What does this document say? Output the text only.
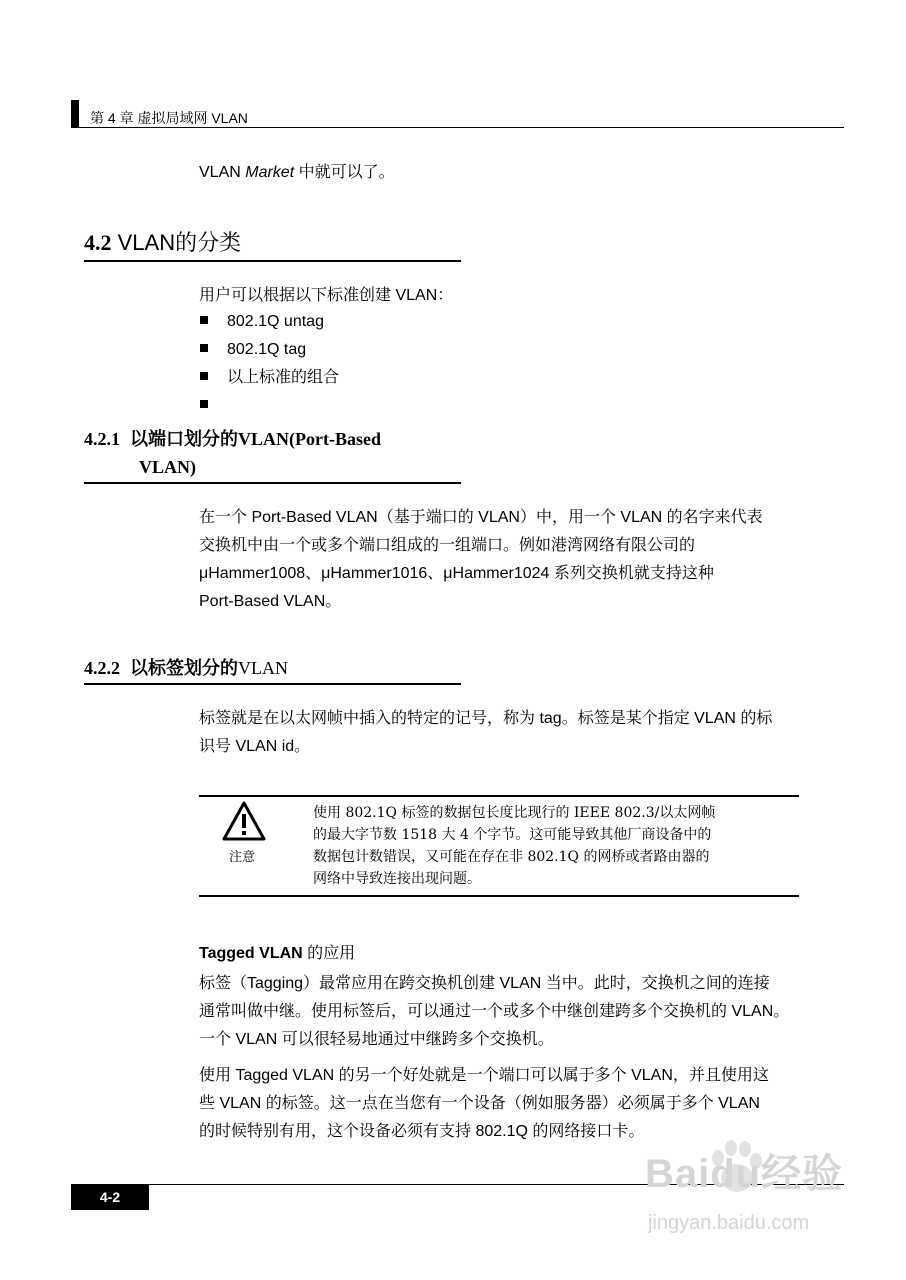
第 4 章 虚拟局域网 VLAN
VLAN Market 中就可以了。
4.2 VLAN的分类
用户可以根据以下标准创建 VLAN：
802.1Q untag
802.1Q tag
以上标准的组合
4.2.1 以端口划分的VLAN(Port-Based
VLAN)
在一个 Port-Based VLAN（基于端口的 VLAN）中，用一个 VLAN 的名字来代表
交换机中由一个或多个端口组成的一组端口。例如港湾网络有限公司的
μHammer1008、μHammer1016、μHammer1024 系列交换机就支持这种
Port-Based VLAN。
4.2.2 以标签划分的VLAN
标签就是在以太网帧中插入的特定的记号，称为 tag。标签是某个指定 VLAN 的标
识号 VLAN id。
注意
使用 802.1Q 标签的数据包长度比现行的 IEEE 802.3/以太网帧
的最大字节数 1518 大 4 个字节。这可能导致其他厂商设备中的
数据包计数错误，又可能在存在非 802.1Q 的网桥或者路由器的
网络中导致连接出现问题。
Tagged VLAN 的应用
标签（Tagging）最常应用在跨交换机创建 VLAN 当中。此时，交换机之间的连接
通常叫做中继。使用标签后，可以通过一个或多个中继创建跨多个交换机的 VLAN。
一个 VLAN 可以很轻易地通过中继跨多个交换机。
使用 Tagged VLAN 的另一个好处就是一个端口可以属于多个 VLAN，并且使用这
些 VLAN 的标签。这一点在当您有一个设备（例如服务器）必须属于多个 VLAN
的时候特别有用，这个设备必须有支持 802.1Q 的网络接口卡。
4-2
Baidu经验
jingyan.baidu.com
